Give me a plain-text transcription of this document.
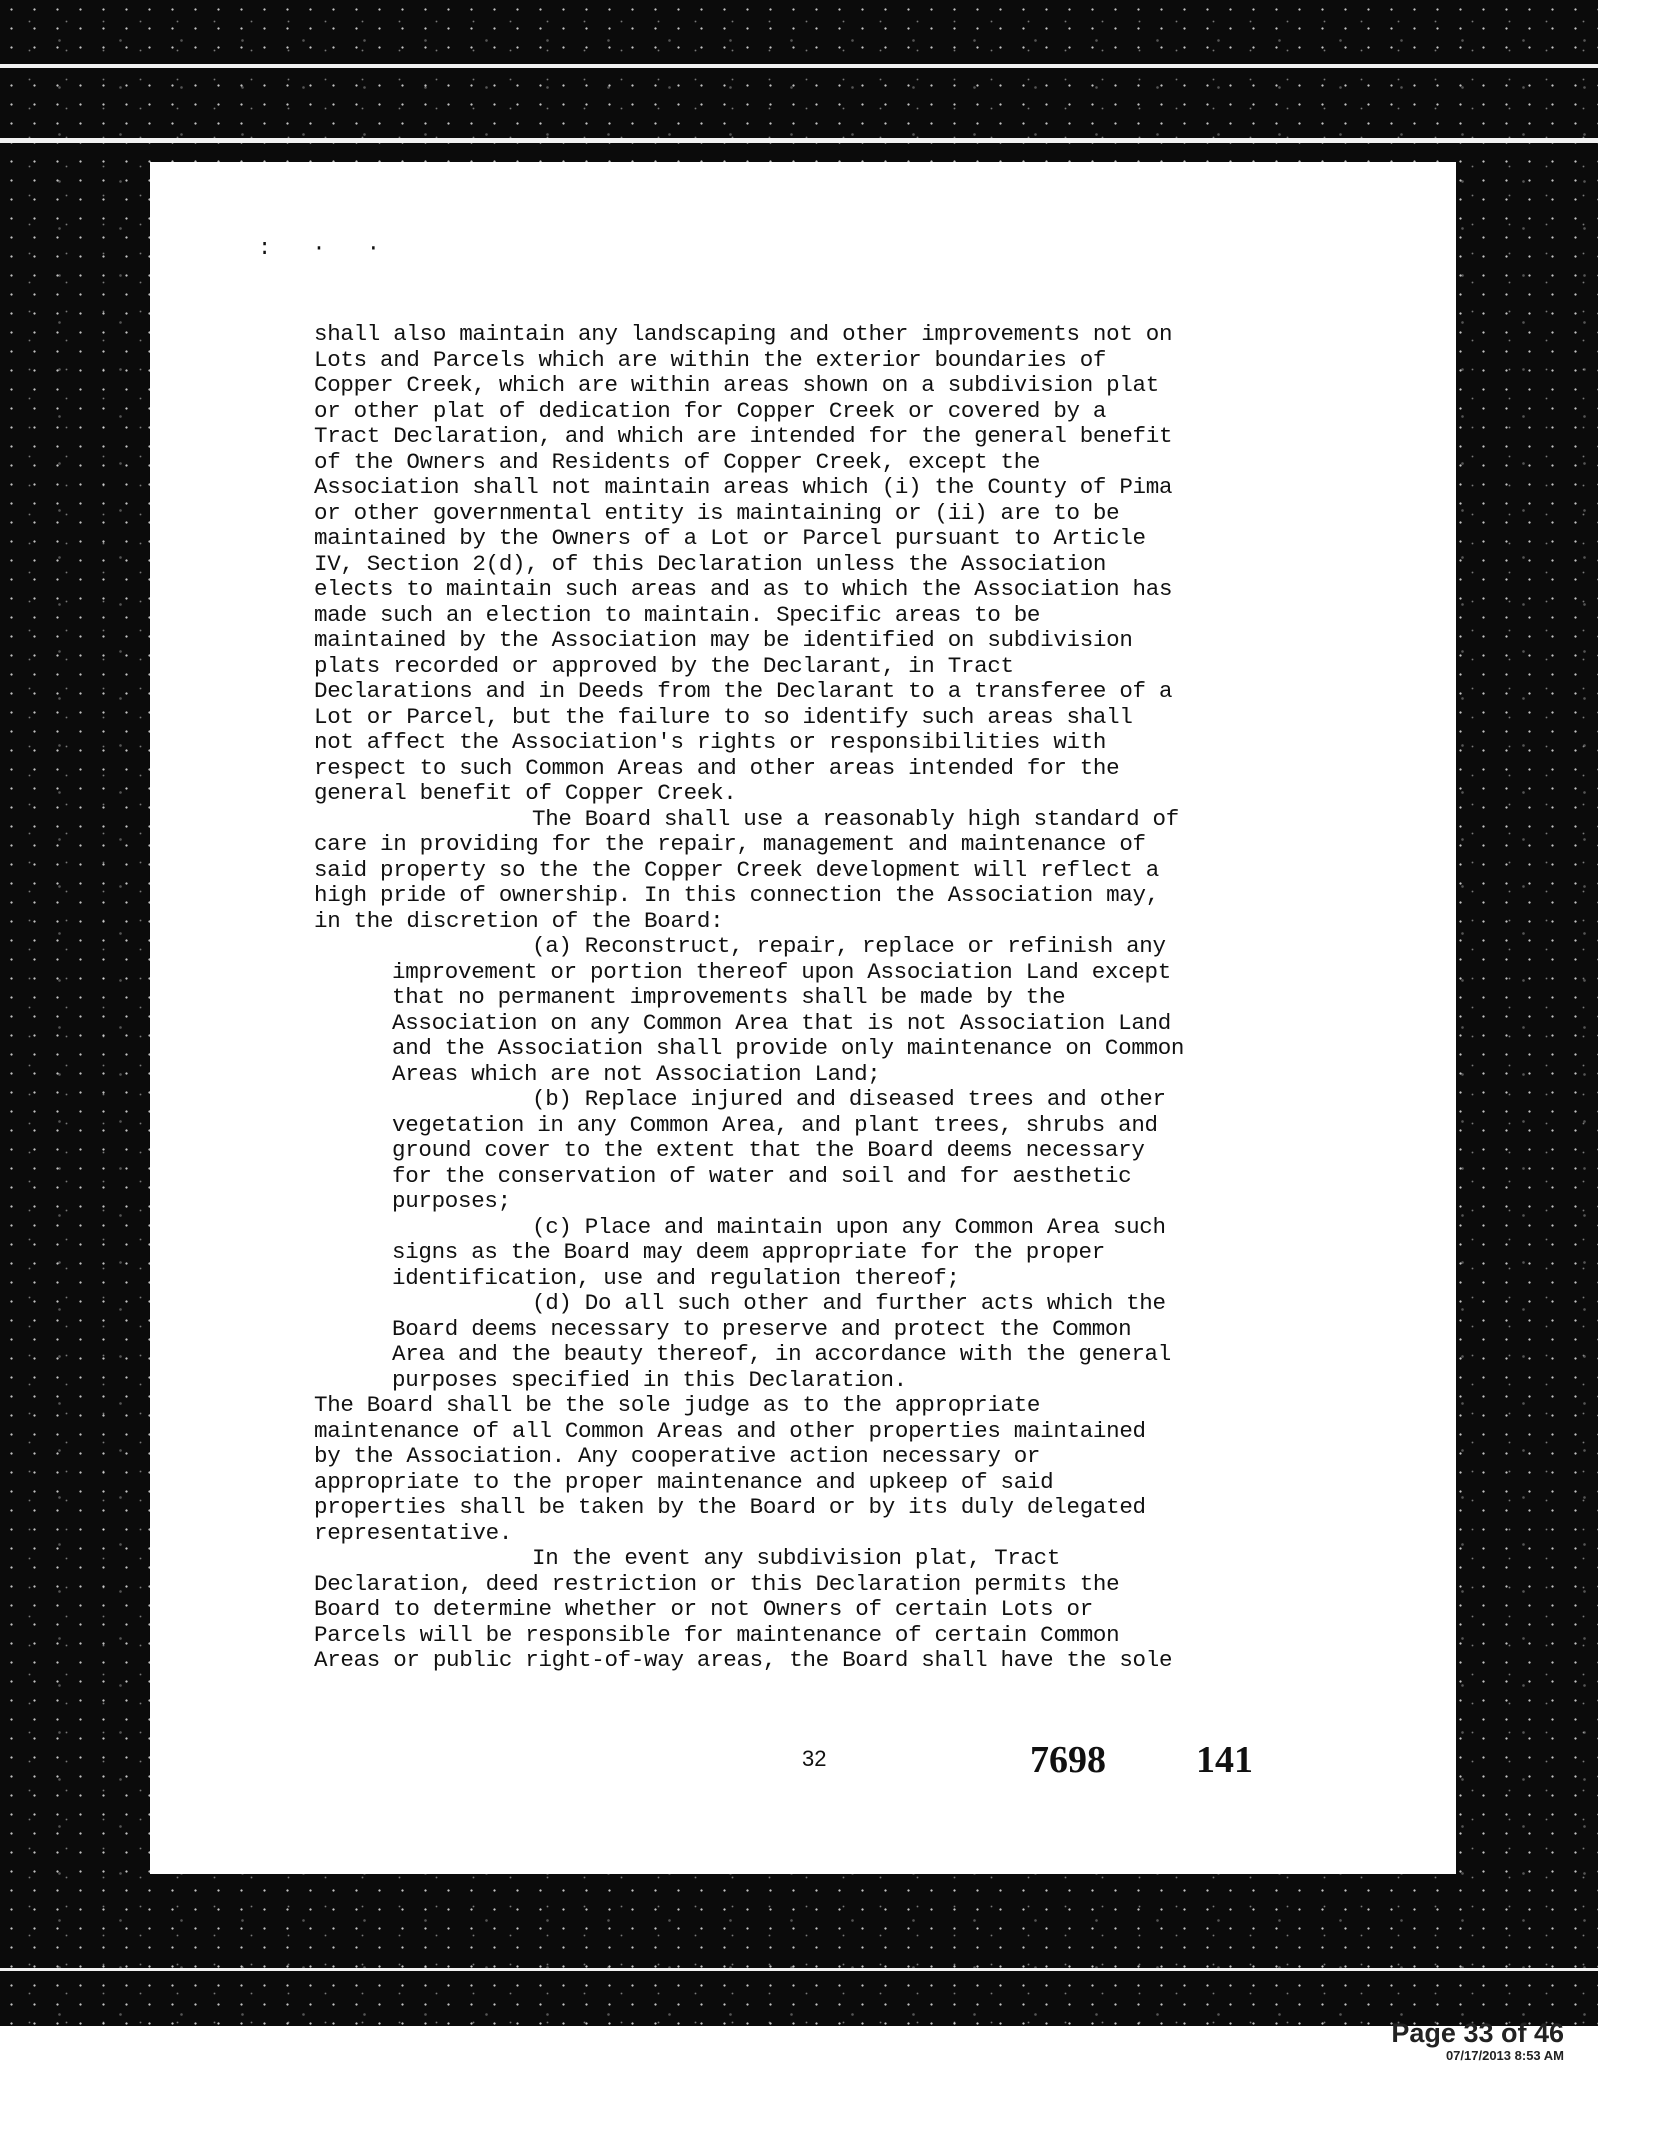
: · ·

shall also maintain any landscaping and other improvements not on
Lots and Parcels which are within the exterior boundaries of
Copper Creek, which are within areas shown on a subdivision plat
or other plat of dedication for Copper Creek or covered by a
Tract Declaration, and which are intended for the general benefit
of the Owners and Residents of Copper Creek, except the
Association shall not maintain areas which (i) the County of Pima
or other governmental entity is maintaining or (ii) are to be
maintained by the Owners of a Lot or Parcel pursuant to Article
IV, Section 2(d), of this Declaration unless the Association
elects to maintain such areas and as to which the Association has
made such an election to maintain. Specific areas to be
maintained by the Association may be identified on subdivision
plats recorded or approved by the Declarant, in Tract
Declarations and in Deeds from the Declarant to a transferee of a
Lot or Parcel, but the failure to so identify such areas shall
not affect the Association's rights or responsibilities with
respect to such Common Areas and other areas intended for the
general benefit of Copper Creek.

The Board shall use a reasonably high standard of
care in providing for the repair, management and maintenance of
said property so the the Copper Creek development will reflect a
high pride of ownership. In this connection the Association may,
in the discretion of the Board:

(a) Reconstruct, repair, replace or refinish any
improvement or portion thereof upon Association Land except
that no permanent improvements shall be made by the
Association on any Common Area that is not Association Land
and the Association shall provide only maintenance on Common
Areas which are not Association Land;

(b) Replace injured and diseased trees and other
vegetation in any Common Area, and plant trees, shrubs and
ground cover to the extent that the Board deems necessary
for the conservation of water and soil and for aesthetic
purposes;

(c) Place and maintain upon any Common Area such
signs as the Board may deem appropriate for the proper
identification, use and regulation thereof;

(d) Do all such other and further acts which the
Board deems necessary to preserve and protect the Common
Area and the beauty thereof, in accordance with the general
purposes specified in this Declaration.

The Board shall be the sole judge as to the appropriate
maintenance of all Common Areas and other properties maintained
by the Association. Any cooperative action necessary or
appropriate to the proper maintenance and upkeep of said
properties shall be taken by the Board or by its duly delegated
representative.

In the event any subdivision plat, Tract
Declaration, deed restriction or this Declaration permits the
Board to determine whether or not Owners of certain Lots or
Parcels will be responsible for maintenance of certain Common
Areas or public right-of-way areas, the Board shall have the sole

32	7698 141
Page 33 of 46
07/17/2013 8:53 AM
